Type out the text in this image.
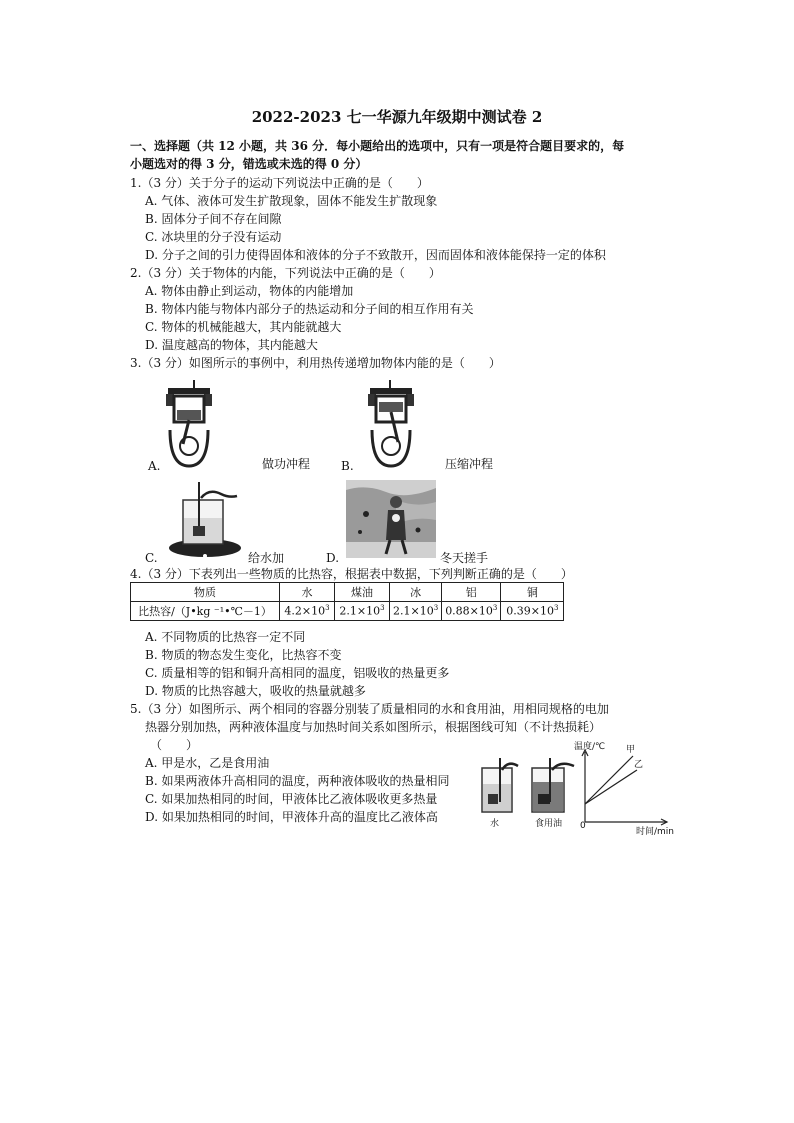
2022-2023 七一华源九年级期中测试卷 2
一、选择题（共 12 小题，共 36 分．每小题给出的选项中，只有一项是符合题目要求的，每
小题选对的得 3 分，错选或未选的得 0 分）
1.（3 分）关于分子的运动下列说法中正确的是（　　）
A. 气体、液体可发生扩散现象，固体不能发生扩散现象
B. 固体分子间不存在间隙
C. 冰块里的分子没有运动
D. 分子之间的引力使得固体和液体的分子不致散开，因而固体和液体能保持一定的体积
2.（3 分）关于物体的内能，下列说法中正确的是（　　）
A. 物体由静止到运动，物体的内能增加
B. 物体内能与物体内部分子的热运动和分子间的相互作用有关
C. 物体的机械能越大，其内能就越大
D. 温度越高的物体，其内能越大
3.（3 分）如图所示的事例中，利用热传递增加物体内能的是（　　）
A.	做功冲程	B.	压缩冲程
C.	给水加	D.	冬天搓手
4.（3 分）下表列出一些物质的比热容，根据表中数据，下列判断正确的是（　　）
物质	水	煤油	冰	铝	铜
比热容/（J•kg ⁻¹•℃－1）	$4.2\times 10^3$	$2.1\times 10^3$	$2.1\times 10^3$	$0.88\times 10^3$	$0.39\times 10^3$
A. 不同物质的比热容一定不同
B. 物质的物态发生变化，比热容不变
C. 质量相等的铝和铜升高相同的温度，铝吸收的热量更多
D. 物质的比热容越大，吸收的热量就越多
5.（3 分）如图所示、两个相同的容器分别装了质量相同的水和食用油，用相同规格的电加
热器分别加热，两种液体温度与加热时间关系如图所示，根据图线可知（不计热损耗）
（　　）
A. 甲是水，乙是食用油
B. 如果两液体升高相同的温度，两种液体吸收的热量相同
C. 如果加热相同的时间，甲液体比乙液体吸收更多热量
D. 如果加热相同的时间，甲液体升高的温度比乙液体高	水	食用油
温度/℃ 甲
乙
0
时间/min
